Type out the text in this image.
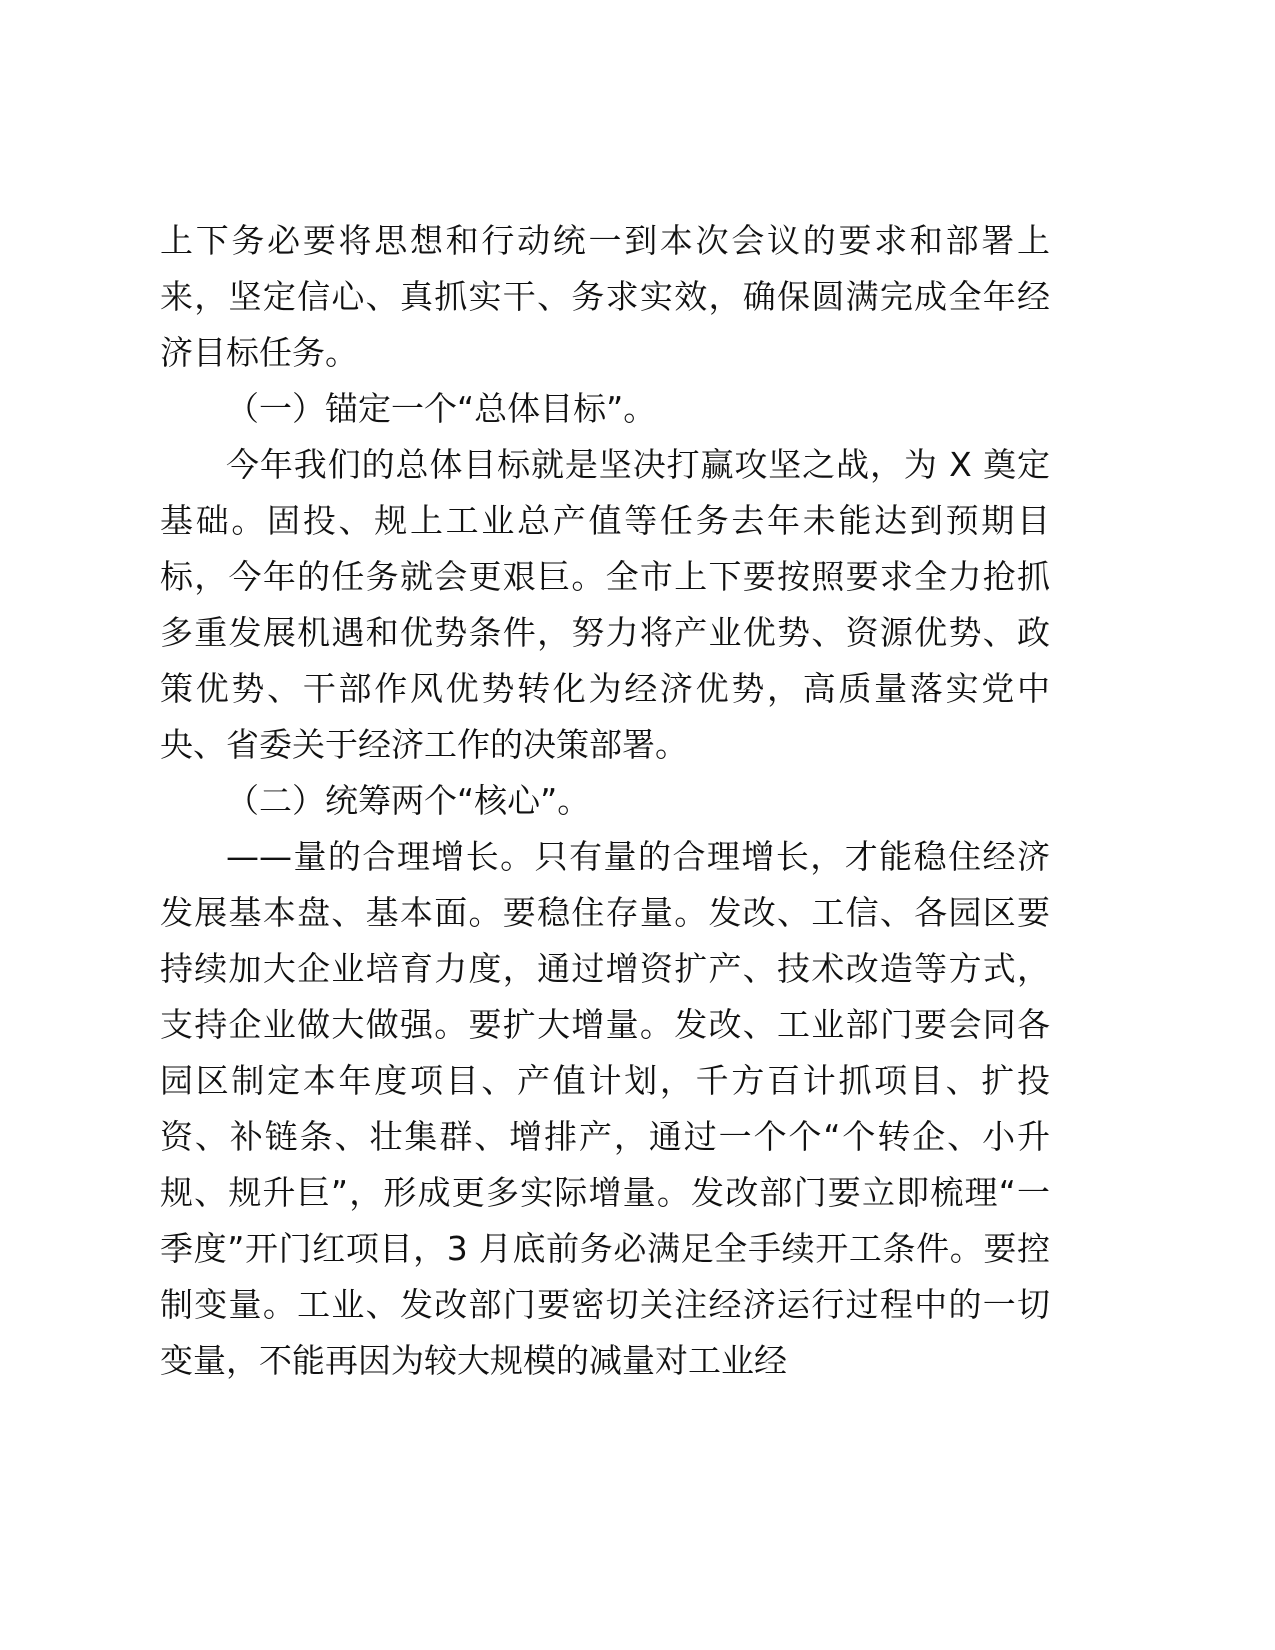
上下务必要将思想和行动统一到本次会议的要求和部署上来，坚定信心、真抓实干、务求实效，确保圆满完成全年经济目标任务。

（一）锚定一个“总体目标”。

今年我们的总体目标就是坚决打赢攻坚之战，为 X 奠定基础。固投、规上工业总产值等任务去年未能达到预期目标，今年的任务就会更艰巨。全市上下要按照要求全力抢抓多重发展机遇和优势条件，努力将产业优势、资源优势、政策优势、干部作风优势转化为经济优势，高质量落实党中央、省委关于经济工作的决策部署。

（二）统筹两个“核心”。

——量的合理增长。只有量的合理增长，才能稳住经济发展基本盘、基本面。要稳住存量。发改、工信、各园区要持续加大企业培育力度，通过增资扩产、技术改造等方式，支持企业做大做强。要扩大增量。发改、工业部门要会同各园区制定本年度项目、产值计划，千方百计抓项目、扩投资、补链条、壮集群、增排产，通过一个个“个转企、小升规、规升巨”，形成更多实际增量。发改部门要立即梳理“一季度”开门红项目，3 月底前务必满足全手续开工条件。要控制变量。工业、发改部门要密切关注经济运行过程中的一切变量，不能再因为较大规模的减量对工业经
